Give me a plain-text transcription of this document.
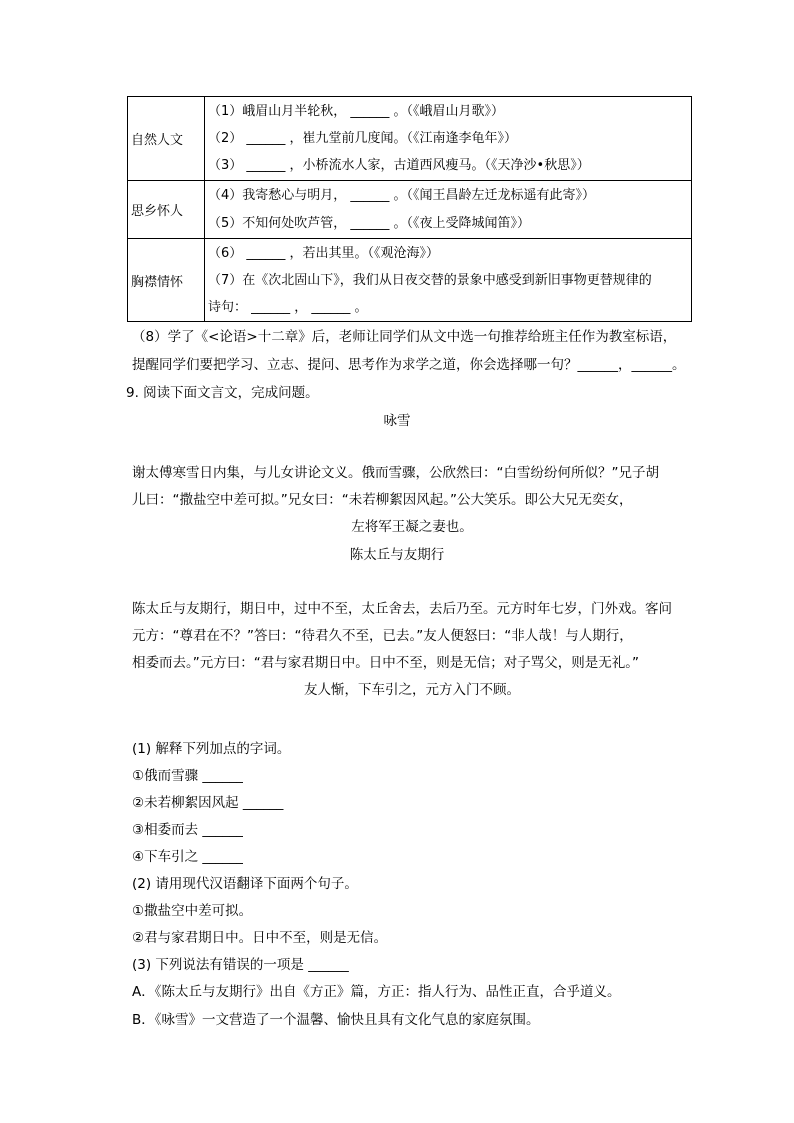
自然人文	（1）峨眉山月半轮秋， ______ 。（《峨眉山月歌》）
（2） ______ ，崔九堂前几度闻。（《江南逢李龟年》）
（3） ______ ，小桥流水人家，古道西风瘦马。（《天净沙•秋思》）

思乡怀人	（4）我寄愁心与明月， ______ 。（《闻王昌龄左迁龙标遥有此寄》）
（5）不知何处吹芦管， ______ 。（《夜上受降城闻笛》）

胸襟情怀	（6） ______ ，若出其里。（《观沧海》）
（7）在《次北固山下》，我们从日夜交替的景象中感受到新旧事物更替规律的
诗句： ______ ， ______ 。
（8）学了《<论语>十二章》后，老师让同学们从文中选一句推荐给班主任作为教室标语，
提醒同学们要把学习、立志、提问、思考作为求学之道，你会选择哪一句？______，______。
9. 阅读下面文言文，完成问题。
咏雪
谢太傅寒雪日内集，与儿女讲论文义。俄而雪骤，公欣然曰：“白雪纷纷何所似？”兄子胡
儿曰：“撒盐空中差可拟。”兄女曰：“未若柳絮因风起。”公大笑乐。即公大兄无奕女，
左将军王凝之妻也。
陈太丘与友期行
陈太丘与友期行，期日中，过中不至，太丘舍去，去后乃至。元方时年七岁，门外戏。客问
元方：“尊君在不？”答曰：“待君久不至，已去。”友人便怒曰：“非人哉！与人期行，
相委而去。”元方曰：“君与家君期日中。日中不至，则是无信；对子骂父，则是无礼。”
友人惭，下车引之，元方入门不顾。
(1) 解释下列加点的字词。
①俄而雪骤 ______
②未若柳絮因风起 ______
③相委而去 ______
④下车引之 ______
(2) 请用现代汉语翻译下面两个句子。
①撒盐空中差可拟。
②君与家君期日中。日中不至，则是无信。
(3) 下列说法有错误的一项是 ______
A．《陈太丘与友期行》出自《方正》篇，方正：指人行为、品性正直，合乎道义。
B．《咏雪》一文营造了一个温馨、愉快且具有文化气息的家庭氛围。
